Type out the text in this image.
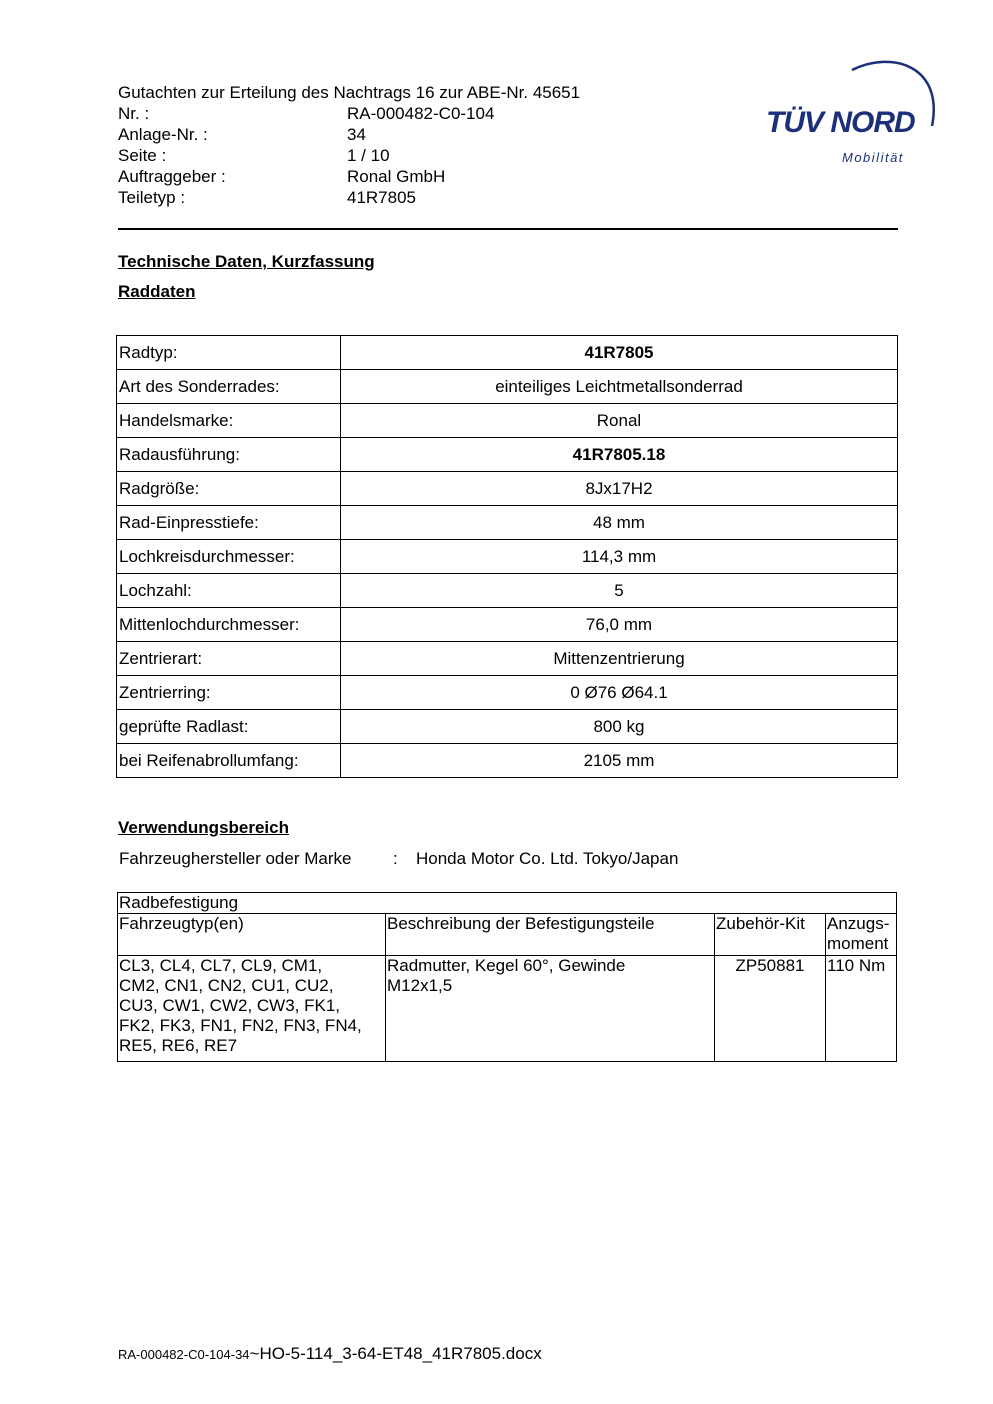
Gutachten zur Erteilung des Nachtrags 16 zur ABE-Nr. 45651
Nr. :	RA-000482-C0-104
Anlage-Nr. :	34
Seite :	1 / 10
Auftraggeber :	Ronal GmbH
Teiletyp :	41R7805
TÜV NORD
Mobilität
Technische Daten, Kurzfassung
Raddaten
Radtyp:	41R7805
Art des Sonderrades:	einteiliges Leichtmetallsonderrad
Handelsmarke:	Ronal
Radausführung:	41R7805.18
Radgröße:	8Jx17H2
Rad-Einpresstiefe:	48 mm
Lochkreisdurchmesser:	114,3 mm
Lochzahl:	5
Mittenlochdurchmesser:	76,0 mm
Zentrierart:	Mittenzentrierung
Zentrierring:	0 Ø76 Ø64.1
geprüfte Radlast:	800 kg
bei Reifenabrollumfang:	2105 mm
Verwendungsbereich
Fahrzeughersteller oder Marke : Honda Motor Co. Ltd. Tokyo/Japan
Radbefestigung			
Fahrzeugtyp(en)	Beschreibung der Befestigungsteile	Zubehör-Kit	Anzugs-
moment
CL3, CL4, CL7, CL9, CM1,
CM2, CN1, CN2, CU1, CU2,
CU3, CW1, CW2, CW3, FK1,
FK2, FK3, FN1, FN2, FN3, FN4,
RE5, RE6, RE7	Radmutter, Kegel 60°, Gewinde
M12x1,5	ZP50881	110 Nm
RA-000482-C0-104-34~HO-5-114_3-64-ET48_41R7805.docx
